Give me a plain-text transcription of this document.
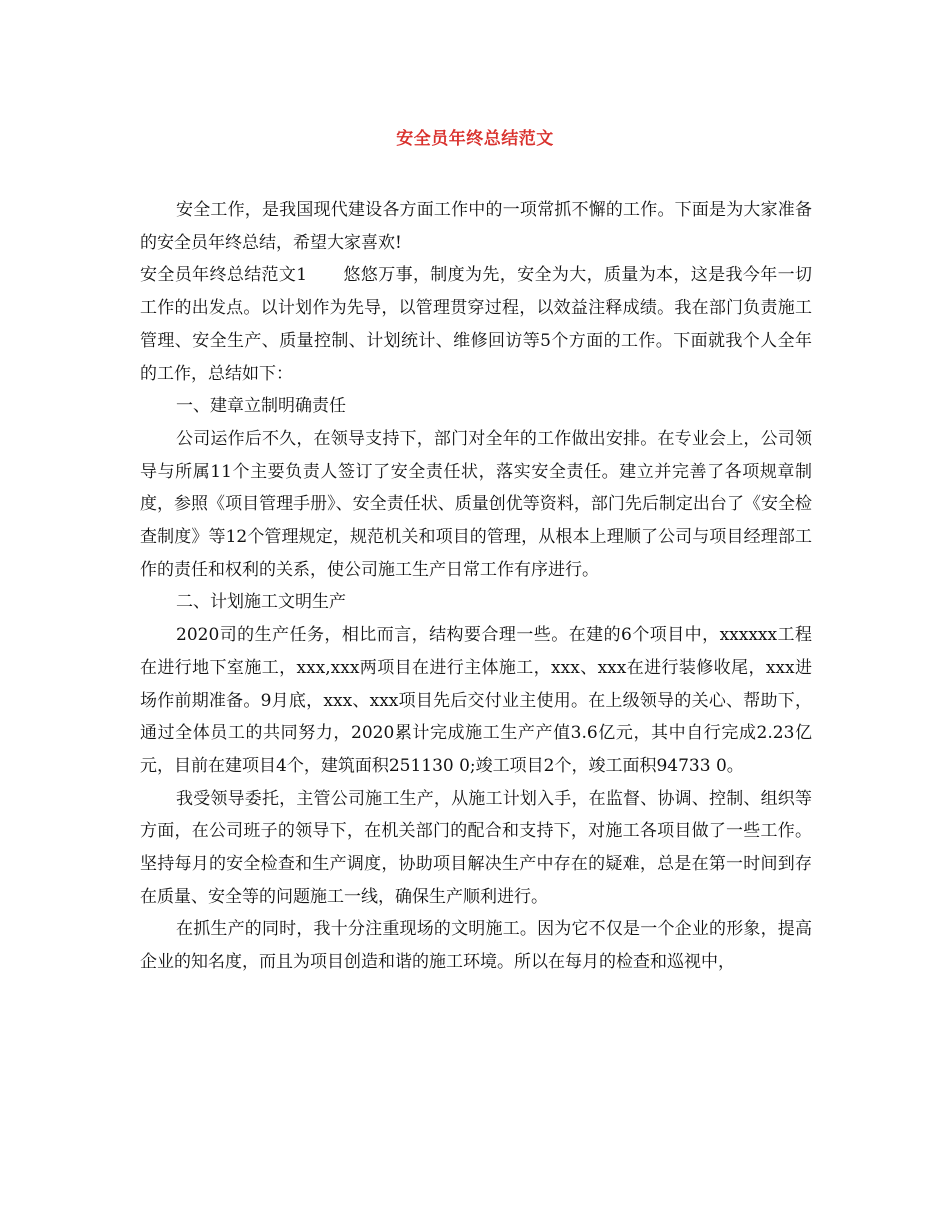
安全员年终总结范文

安全工作，是我国现代建设各方面工作中的一项常抓不懈的工作。下面是为大家准备的安全员年终总结，希望大家喜欢!

安全员年终总结范文1 悠悠万事，制度为先，安全为大，质量为本，这是我今年一切工作的出发点。以计划作为先导，以管理贯穿过程，以效益注释成绩。我在部门负责施工管理、安全生产、质量控制、计划统计、维修回访等5个方面的工作。下面就我个人全年的工作，总结如下：

一、建章立制明确责任

公司运作后不久，在领导支持下，部门对全年的工作做出安排。在专业会上，公司领导与所属11个主要负责人签订了安全责任状，落实安全责任。建立并完善了各项规章制度，参照《项目管理手册》、安全责任状、质量创优等资料，部门先后制定出台了《安全检查制度》等12个管理规定，规范机关和项目的管理，从根本上理顺了公司与项目经理部工作的责任和权利的关系，使公司施工生产日常工作有序进行。

二、计划施工文明生产

2020司的生产任务，相比而言，结构要合理一些。在建的6个项目中，xxxxxx工程在进行地下室施工，xxx,xxx两项目在进行主体施工，xxx、xxx在进行装修收尾，xxx进场作前期准备。9月底，xxx、xxx项目先后交付业主使用。在上级领导的关心、帮助下，通过全体员工的共同努力，2020累计完成施工生产产值3.6亿元，其中自行完成2.23亿元，目前在建项目4个，建筑面积251130 0;竣工项目2个，竣工面积94733 0。

我受领导委托，主管公司施工生产，从施工计划入手，在监督、协调、控制、组织等方面，在公司班子的领导下，在机关部门的配合和支持下，对施工各项目做了一些工作。坚持每月的安全检查和生产调度，协助项目解决生产中存在的疑难，总是在第一时间到存在质量、安全等的问题施工一线，确保生产顺利进行。

在抓生产的同时，我十分注重现场的文明施工。因为它不仅是一个企业的形象，提高企业的知名度，而且为项目创造和谐的施工环境。所以在每月的检查和巡视中，
